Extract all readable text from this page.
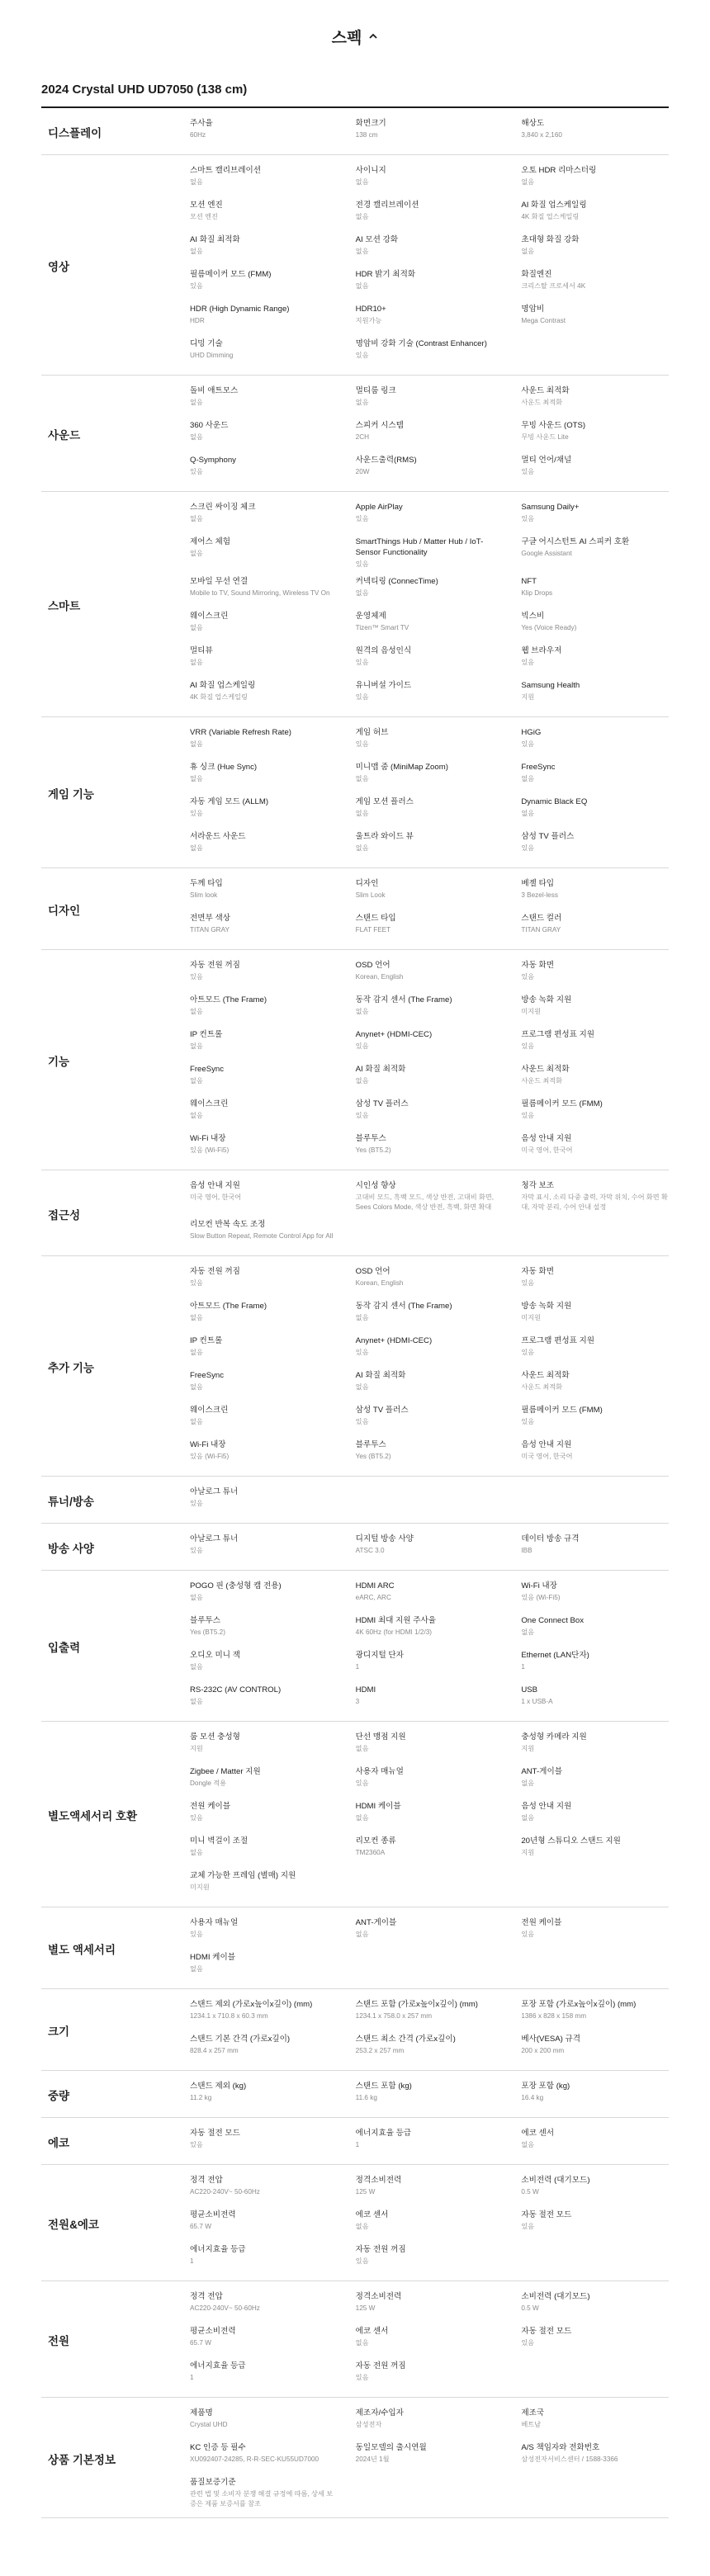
스펙
2024 Crystal UHD UD7050 (138 cm)
디스플레이
주사율
60Hz
화면크기
138 cm
해상도
3,840 x 2,160
영상
스마트 캘리브레이션
없음
사이니지
없음
오토 HDR 리마스터링
없음
모션 엔진
모션 엔진
전경 캘리브레이션
없음
AI 화질 업스케일링
4K 화질 업스케일링
AI 화질 최적화
없음
AI 모션 강화
없음
초대형 화질 강화
없음
필름메이커 모드 (FMM)
있음
HDR 밝기 최적화
없음
화질엔진
크리스탈 프로세서 4K
HDR (High Dynamic Range)
HDR
HDR10+
지원가능
명암비
Mega Contrast
디밍 기술
UHD Dimming
명암비 강화 기술 (Contrast Enhancer)
있음
사운드
돌비 애트모스
없음
멀티룸 링크
없음
사운드 최적화
사운드 최적화
360 사운드
없음
스피커 시스템
2CH
무빙 사운드 (OTS)
무빙 사운드 Lite
Q-Symphony
있음
사운드출력(RMS)
20W
멀티 언어/채널
있음
스마트
스크린 싸이징 체크
없음
Apple AirPlay
있음
Samsung Daily+
있음
제어스 체험
없음
SmartThings Hub / Matter Hub / IoT-Sensor Functionality
있음
구글 어시스턴트 AI 스피커 호환
Google Assistant
모바일 무선 연결
Mobile to TV, Sound Mirroring, Wireless TV On
커넥티링 (ConnecTime)
없음
NFT
Klip Drops
웨이스크린
없음
운영체제
Tizen™ Smart TV
빅스비
Yes (Voice Ready)
멀티뷰
없음
원격의 음성인식
있음
웹 브라우저
있음
AI 화질 업스케일링
4K 화질 업스케일링
유니버설 가이드
있음
Samsung Health
지원
게임 기능
VRR (Variable Refresh Rate)
없음
게임 허브
있음
HGiG
있음
휴 싱크 (Hue Sync)
없음
미니맵 줌 (MiniMap Zoom)
없음
FreeSync
없음
자동 게임 모드 (ALLM)
있음
게임 모션 플러스
없음
Dynamic Black EQ
없음
서라운드 사운드
없음
울트라 와이드 뷰
없음
삼성 TV 플러스
있음
디자인
두께 타입
Slim look
디자인
Slim Look
베젤 타입
3 Bezel-less
전면부 색상
TITAN GRAY
스탠드 타입
FLAT FEET
스탠드 컬러
TITAN GRAY
기능
자동 전원 꺼짐
있음
OSD 언어
Korean, English
자동 화면
있음
아트모드 (The Frame)
없음
동작 감지 센서 (The Frame)
없음
방송 녹화 지원
미지원
IP 컨트롤
없음
Anynet+ (HDMI-CEC)
있음
프로그램 편성표 지원
있음
FreeSync
없음
AI 화질 최적화
없음
사운드 최적화
사운드 최적화
웨이스크린
없음
삼성 TV 플러스
있음
필름메이커 모드 (FMM)
있음
Wi-Fi 내장
있음 (Wi-Fi5)
블루투스
Yes (BT5.2)
음성 안내 지원
미국 영어, 한국어
접근성
음성 안내 지원
미국 영어, 한국어
시인성 향상
고대비 모드, 흑백 모드, 색상 반전, 고대비 화면, Sees Colors Mode, 색상 반전, 흑백, 화면 확대
청각 보조
자막 표시, 소리 다중 출력, 자막 위치, 수어 화면 확대, 자막 분리, 수어 안내 설정
리모컨 반복 속도 조정
Slow Button Repeat, Remote Control App for All
추가 기능
자동 전원 꺼짐
있음
OSD 언어
Korean, English
자동 화면
있음
아트모드 (The Frame)
없음
동작 감지 센서 (The Frame)
없음
방송 녹화 지원
미지원
IP 컨트롤
없음
Anynet+ (HDMI-CEC)
있음
프로그램 편성표 지원
있음
FreeSync
없음
AI 화질 최적화
없음
사운드 최적화
사운드 최적화
웨이스크린
없음
삼성 TV 플러스
있음
필름메이커 모드 (FMM)
있음
Wi-Fi 내장
있음 (Wi-Fi5)
블루투스
Yes (BT5.2)
음성 안내 지원
미국 영어, 한국어
튜너/방송
아날로그 튜너
있음
방송 사양
아날로그 튜너
있음
디지털 방송 사양
ATSC 3.0
데이터 방송 규격
IBB
입출력
POGO 핀 (충성형 캠 전용)
없음
HDMI ARC
eARC, ARC
Wi-Fi 내장
있음 (Wi-Fi5)
블루투스
Yes (BT5.2)
HDMI 최대 지원 주사율
4K 60Hz (for HDMI 1/2/3)
One Connect Box
없음
오디오 미니 잭
없음
광디지털 단자
1
Ethernet (LAN단자)
1
RS-232C (AV CONTROL)
없음
HDMI
3
USB
1 x USB-A
별도액세서리 호환
룸 모션 충성형
지원
단선 맹점 지원
없음
충성형 카메라 지원
지원
Zigbee / Matter 지원
Dongle 적용
사용자 매뉴얼
있음
ANT-게이블
없음
전원 케이블
있음
HDMI 케이블
없음
음성 안내 지원
없음
미니 벽걸이 조절
없음
리모컨 종류
TM2360A
20년형 스튜디오 스탠드 지원
지원
교체 가능한 프레임 (별매) 지원
미지원
별도 액세서리
사용자 매뉴얼
있음
ANT-게이블
없음
전원 케이블
있음
HDMI 케이블
없음
크기
스탠드 제외 (가로x높이x깊이) (mm)
1234.1 x 710.8 x 60.3 mm
스탠드 포함 (가로x높이x깊이) (mm)
1234.1 x 758.0 x 257 mm
포장 포함 (가로x높이x깊이) (mm)
1386 x 828 x 158 mm
스탠드 기본 간격 (가로x깊이)
828.4 x 257 mm
스탠드 최소 간격 (가로x깊이)
253.2 x 257 mm
베사(VESA) 규격
200 x 200 mm
중량
스탠드 제외 (kg)
11.2 kg
스탠드 포함 (kg)
11.6 kg
포장 포함 (kg)
16.4 kg
에코
자동 절전 모드
있음
에너지효율 등급
1
에코 센서
없음
전원&에코
정격 전압
AC220-240V~ 50-60Hz
정격소비전력
125 W
소비전력 (대기모드)
0.5 W
평균소비전력
65.7 W
에코 센서
없음
자동 절전 모드
있음
에너지효율 등급
1
자동 전원 꺼짐
있음
전원
정격 전압
AC220-240V~ 50-60Hz
정격소비전력
125 W
소비전력 (대기모드)
0.5 W
평균소비전력
65.7 W
에코 센서
없음
자동 절전 모드
있음
에너지효율 등급
1
자동 전원 꺼짐
있음
상품 기본정보
제품명
Crystal UHD
제조자/수입자
삼성전자
제조국
베트남
KC 인증 등 필수
XU092407-24285, R-R-SEC-KU55UD7000
동일모델의 출시연월
2024년 1월
A/S 책임자와 전화번호
삼성전자서비스센터 / 1588-3366
품질보증기준
관련 법 및 소비자 분쟁 해결 규정에 따름, 상세 보증은 제품 보증서를 참조
